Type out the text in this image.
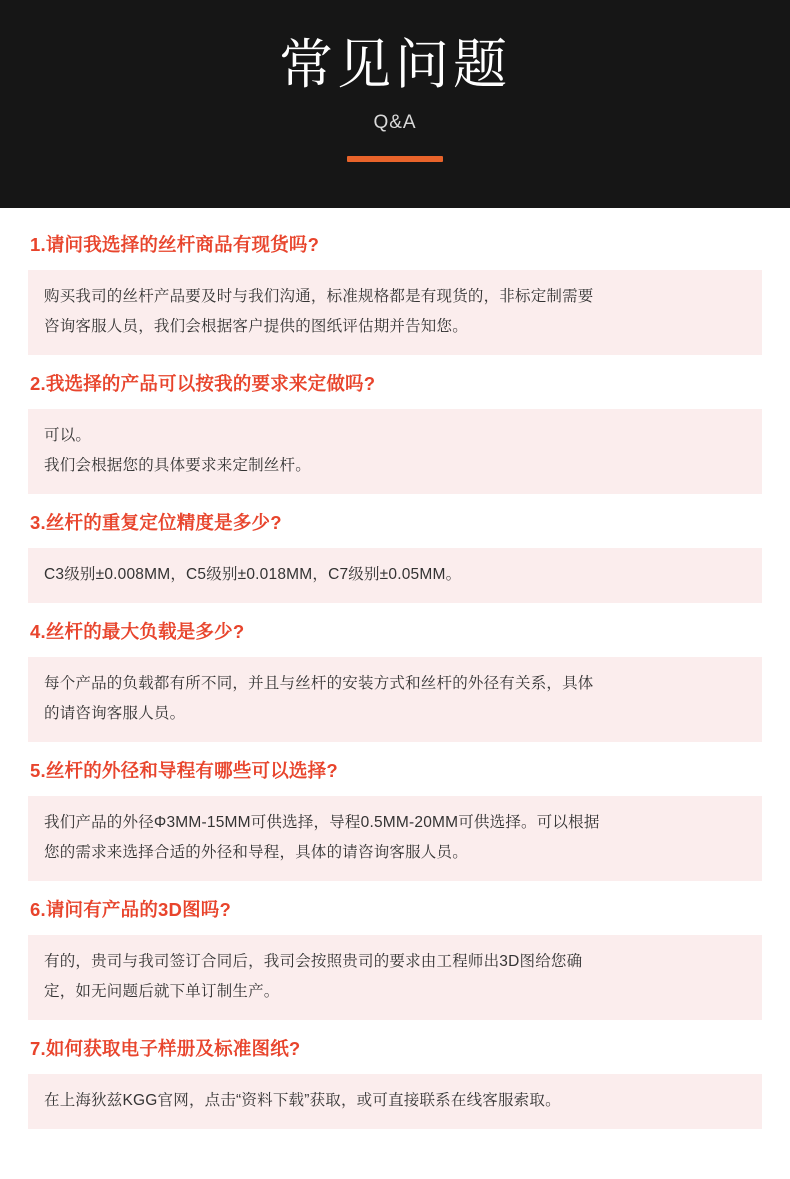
常见问题
Q&A
1.请问我选择的丝杆商品有现货吗?
购买我司的丝杆产品要及时与我们沟通，标准规格都是有现货的，非标定制需要
咨询客服人员，我们会根据客户提供的图纸评估期并告知您。
2.我选择的产品可以按我的要求来定做吗?
可以。
我们会根据您的具体要求来定制丝杆。
3.丝杆的重复定位精度是多少?
C3级别±0.008MM，C5级别±0.018MM，C7级别±0.05MM。
4.丝杆的最大负载是多少?
每个产品的负载都有所不同，并且与丝杆的安装方式和丝杆的外径有关系，具体
的请咨询客服人员。
5.丝杆的外径和导程有哪些可以选择?
我们产品的外径Φ3MM-15MM可供选择，导程0.5MM-20MM可供选择。可以根据
您的需求来选择合适的外径和导程，具体的请咨询客服人员。
6.请问有产品的3D图吗?
有的，贵司与我司签订合同后，我司会按照贵司的要求由工程师出3D图给您确
定，如无问题后就下单订制生产。
7.如何获取电子样册及标准图纸?
在上海狄兹KGG官网，点击“资料下载”获取，或可直接联系在线客服索取。
